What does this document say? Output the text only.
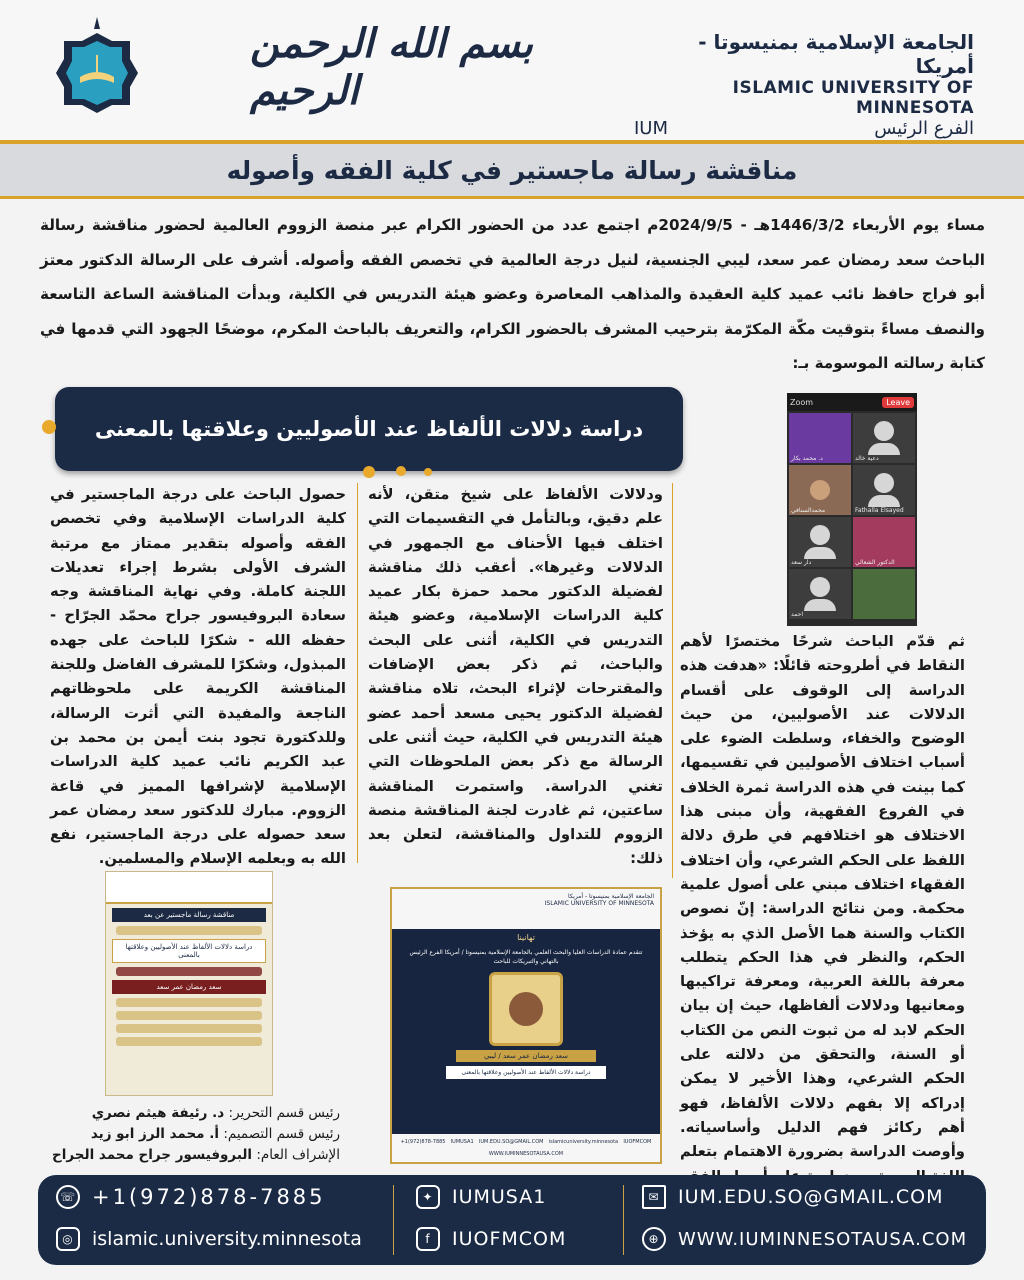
بسم الله الرحمن الرحيم
الجامعة الإسلامية بمنيسوتا - أمريكا
ISLAMIC UNIVERSITY OF MINNESOTA
IUM	الفرع الرئيس
مناقشة رسالة ماجستير في كلية الفقه وأصوله
مساء يوم الأربعاء 1446/3/2هـ - 2024/9/5م اجتمع عدد من الحضور الكرام عبر منصة الزووم العالمية لحضور مناقشة رسالة الباحث سعد رمضان عمر سعد، ليبي الجنسية، لنيل درجة العالمية في تخصص الفقه وأصوله. أشرف على الرسالة الدكتور معتز أبو فراج حافظ نائب عميد كلية العقيدة والمذاهب المعاصرة وعضو هيئة التدريس في الكلية، وبدأت المناقشة الساعة التاسعة والنصف مساءً بتوقيت مكّة المكرّمة بترحيب المشرف بالحضور الكرام، والتعريف بالباحث المكرم، موضحًا الجهود التي قدمها في كتابة رسالته الموسومة بـ:
دراسة دلالات الألفاظ عند الأصوليين وعلاقتها بالمعنى
Zoom	Leave
د. محمد بكار	دعية خالد
محمدالسنافي	Fathalla Elsayed
دار سعد	الدكتور الشعالي
احمد
ثم قدّم الباحث شرحًا مختصرًا لأهم النقاط في أطروحته قائلًا: «هدفت هذه الدراسة إلى الوقوف على أقسام الدلالات عند الأصوليين، من حيث الوضوح والخفاء، وسلطت الضوء على أسباب اختلاف الأصوليين في تقسيمها، كما بينت في هذه الدراسة ثمرة الخلاف في الفروع الفقهية، وأن مبنى هذا الاختلاف هو اختلافهم في طرق دلالة اللفظ على الحكم الشرعي، وأن اختلاف الفقهاء اختلاف مبني على أصول علمية محكمة. ومن نتائج الدراسة: إنّ نصوص الكتاب والسنة هما الأصل الذي به يؤخذ الحكم، والنظر في هذا الحكم يتطلب معرفة باللغة العربية، ومعرفة تراكيبها ومعانيها ودلالات ألفاظها، حيث إن بيان الحكم لابد له من ثبوت النص من الكتاب أو السنة، والتحقق من دلالته على الحكم الشرعي، وهذا الأخير لا يمكن إدراكه إلا بفهم دلالات الألفاظ، فهو أهم ركائز فهم الدليل وأساسياته. وأوصت الدراسة بضرورة الاهتمام بتعلم
ودلالات الألفاظ على شيخ متقن، لأنه علم دقيق، وبالتأمل في التقسيمات التي اختلف فيها الأحناف مع الجمهور في الدلالات وغيرها». أعقب ذلك مناقشة لفضيلة الدكتور محمد حمزة بكار عميد كلية الدراسات الإسلامية، وعضو هيئة التدريس في الكلية، أثنى على البحث والباحث، ثم ذكر بعض الإضافات والمقترحات لإثراء البحث، تلاه مناقشة لفضيلة الدكتور يحيى مسعد أحمد عضو هيئة التدريس في الكلية، حيث أثنى على الرسالة مع ذكر بعض الملحوظات التي تغني الدراسة. واستمرت المناقشة ساعتين، ثم غادرت لجنة المناقشة منصة الزووم للتداول والمناقشة، لتعلن بعد ذلك:
حصول الباحث على درجة الماجستير في كلية الدراسات الإسلامية وفي تخصص الفقه وأصوله بتقدير ممتاز مع مرتبة الشرف الأولى بشرط إجراء تعديلات اللجنة كاملة. وفي نهاية المناقشة وجه سعادة البروفيسور جراح محمّد الجرّاح - حفظه الله - شكرًا للباحث على جهده المبذول، وشكرًا للمشرف الفاضل وللجنة المناقشة الكريمة على ملحوظاتهم الناجعة والمفيدة التي أثرت الرسالة، وللدكتورة تجود بنت أيمن بن محمد بن عبد الكريم نائب عميد كلية الدراسات الإسلامية لإشرافها المميز في قاعة الزووم. مبارك للدكتور سعد رمضان عمر سعد حصوله على درجة الماجستير، نفع الله به وبعلمه الإسلام والمسلمين.
مناقشة رسالة ماجستير عن بعد
دراسة دلالات الألفاظ عند الأصوليين وعلاقتها بالمعنى
سعد رمضان عمر سعد
الجامعة الإسلامية بمنيسوتا - أمريكا
ISLAMIC UNIVERSITY OF MINNESOTA
تهانينا
تتقدم عمادة الدراسات العليا والبحث العلمي بالجامعة الإسلامية بمنيسوتا / أمريكا الفرع الرئيس بالتهاني والتبريكات للباحث
سعد رمضان عمر سعد / ليبي
دراسة دلالات الألفاظ عند الأصوليين وعلاقتها بالمعنى
+1(972)878-7885 IUMUSA1 IUM.EDU.SO@GMAIL.COM islamicuniversity.minnesota IUOFMCOM
WWW.IUMINNESOTAUSA.COM
رئيس قسم التحرير: د. رئيفة هيثم نصري
رئيس قسم التصميم: أ. محمد الرز ابو زيد
الإشراف العام: البروفيسور جراح محمد الجراح
☏ +1(972)878-7885
◎ islamic.university.minnesota
✦ IUMUSA1
f	IUOFMCOM
✉ IUM.EDU.SO@GMAIL.COM
⊕	WWW.IUMINNESOTAUSA.COM
